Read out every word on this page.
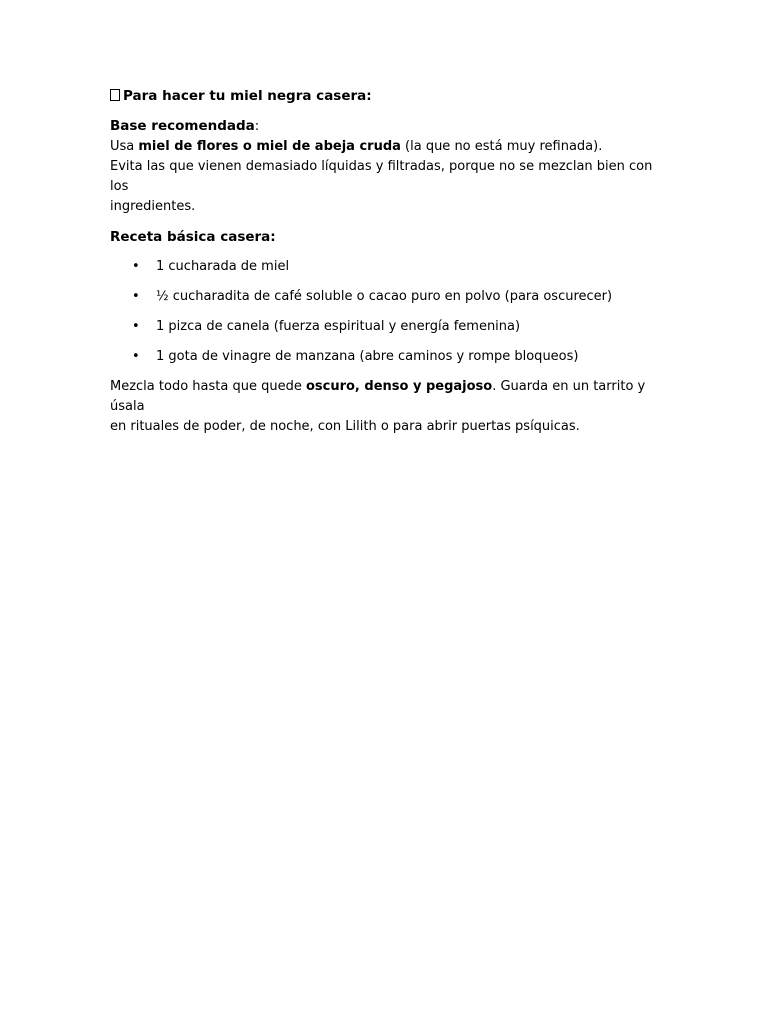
Para hacer tu miel negra casera:
Base recomendada:
Usa miel de flores o miel de abeja cruda (la que no está muy refinada).
Evita las que vienen demasiado líquidas y filtradas, porque no se mezclan bien con los
ingredientes.
Receta básica casera:
• 1 cucharada de miel
• ½ cucharadita de café soluble o cacao puro en polvo (para oscurecer)
• 1 pizca de canela (fuerza espiritual y energía femenina)
• 1 gota de vinagre de manzana (abre caminos y rompe bloqueos)
Mezcla todo hasta que quede oscuro, denso y pegajoso. Guarda en un tarrito y úsala
en rituales de poder, de noche, con Lilith o para abrir puertas psíquicas.
